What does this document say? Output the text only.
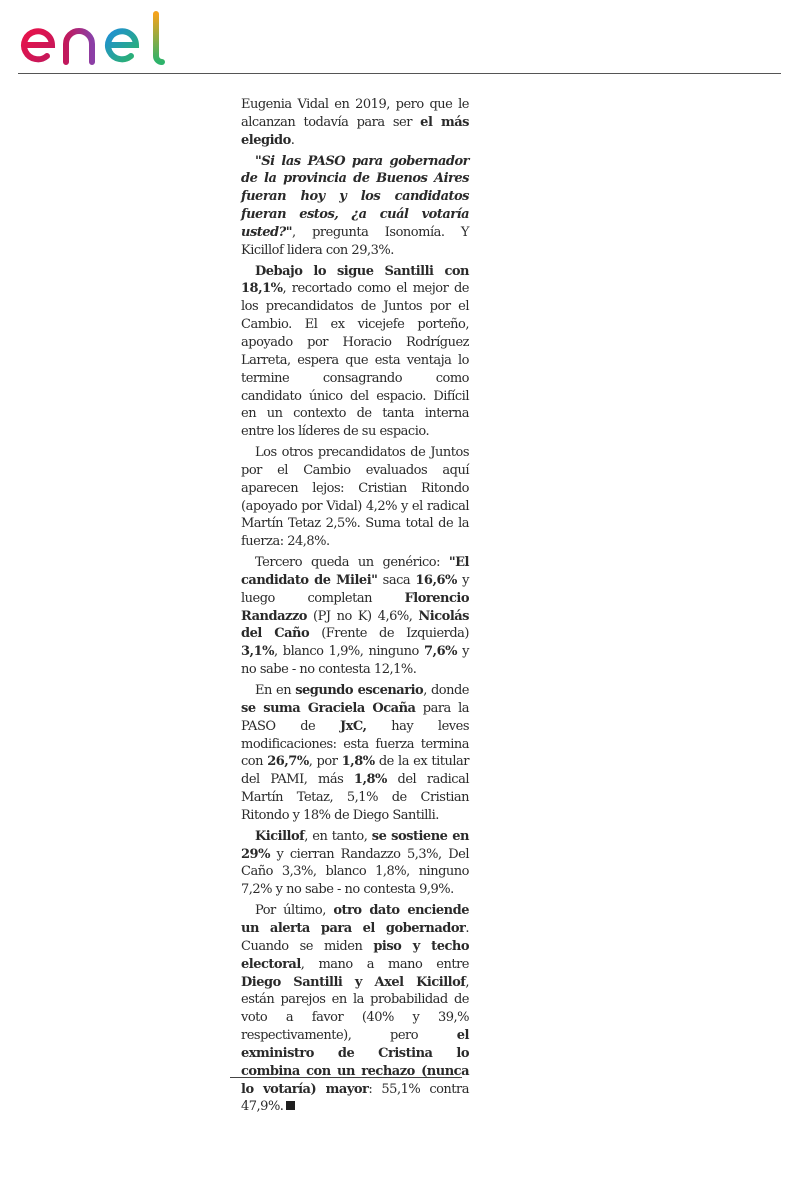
Eugenia Vidal en 2019, pero que le alcanzan todavía para ser el más elegido.

"Si las PASO para gobernador de la provincia de Buenos Aires fueran hoy y los candidatos fueran estos, ¿a cuál votaría usted?", pregunta Isonomía. Y Kicillof lidera con 29,3%.

Debajo lo sigue Santilli con 18,1%, recortado como el mejor de los precandidatos de Juntos por el Cambio. El ex vicejefe porteño, apoyado por Horacio Rodríguez Larreta, espera que esta ventaja lo termine consagrando como candidato único del espacio. Difícil en un contexto de tanta interna entre los líderes de su espacio.

Los otros precandidatos de Juntos por el Cambio evaluados aquí aparecen lejos: Cristian Ritondo (apoyado por Vidal) 4,2% y el radical Martín Tetaz 2,5%. Suma total de la fuerza: 24,8%.

Tercero queda un genérico: "El candidato de Milei" saca 16,6% y luego completan Florencio Randazzo (PJ no K) 4,6%, Nicolás del Caño (Frente de Izquierda) 3,1%, blanco 1,9%, ninguno 7,6% y no sabe - no contesta 12,1%.

En en segundo escenario, donde se suma Graciela Ocaña para la PASO de JxC, hay leves modificaciones: esta fuerza termina con 26,7%, por 1,8% de la ex titular del PAMI, más 1,8% del radical Martín Tetaz, 5,1% de Cristian Ritondo y 18% de Diego Santilli.

Kicillof, en tanto, se sostiene en 29% y cierran Randazzo 5,3%, Del Caño 3,3%, blanco 1,8%, ninguno 7,2% y no sabe - no contesta 9,9%.

Por último, otro dato enciende un alerta para el gobernador. Cuando se miden piso y techo electoral, mano a mano entre Diego Santilli y Axel Kicillof, están parejos en la probabilidad de voto a favor (40% y 39,% respectivamente), pero el exministro de Cristina lo combina con un rechazo (nunca lo votaría) mayor: 55,1% contra 47,9%.
